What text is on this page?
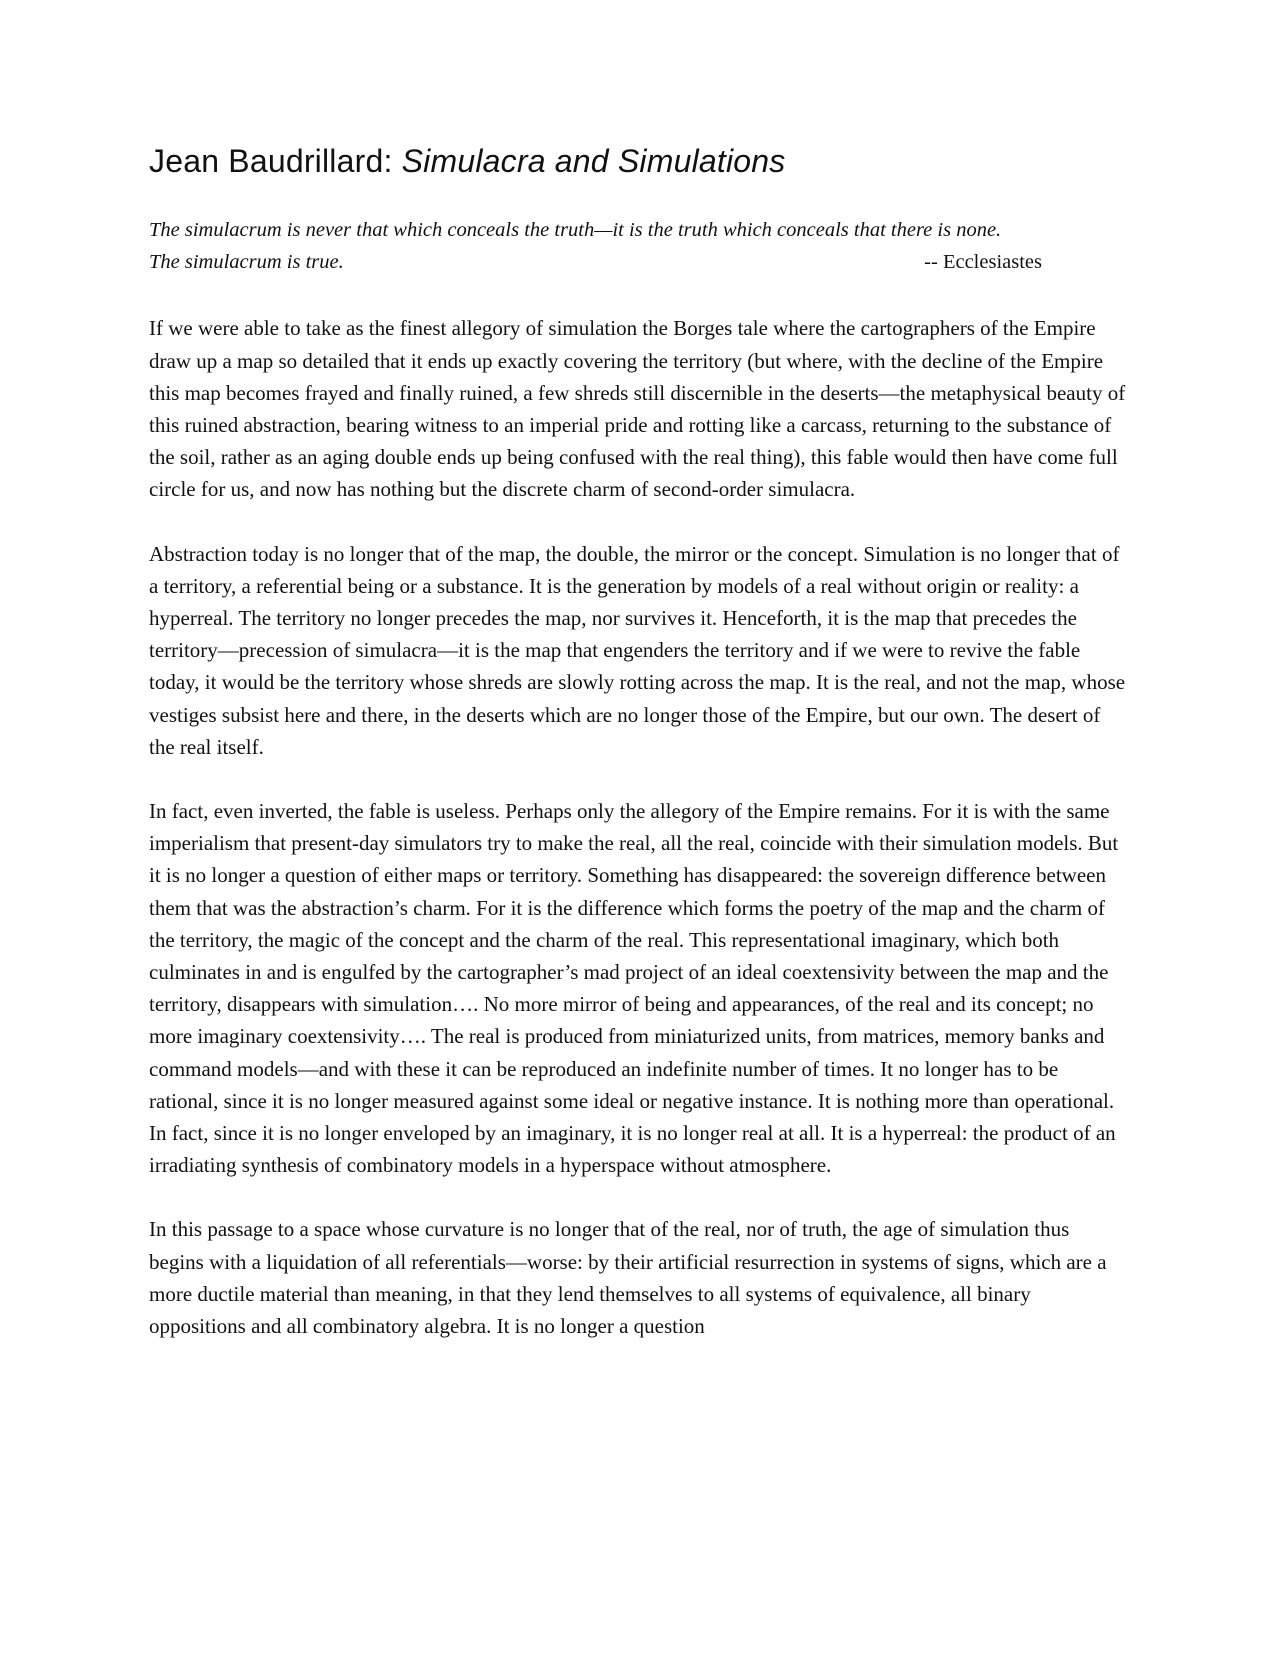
Jean Baudrillard: Simulacra and Simulations
The simulacrum is never that which conceals the truth—it is the truth which conceals that there is none.
The simulacrum is true.	-- Ecclesiastes

If we were able to take as the finest allegory of simulation the Borges tale where the cartographers of the Empire draw up a map so detailed that it ends up exactly covering the territory (but where, with the decline of the Empire this map becomes frayed and finally ruined, a few shreds still discernible in the deserts—the metaphysical beauty of this ruined abstraction, bearing witness to an imperial pride and rotting like a carcass, returning to the substance of the soil, rather as an aging double ends up being confused with the real thing), this fable would then have come full circle for us, and now has nothing but the discrete charm of second-order simulacra.

Abstraction today is no longer that of the map, the double, the mirror or the concept. Simulation is no longer that of a territory, a referential being or a substance. It is the generation by models of a real without origin or reality: a hyperreal. The territory no longer precedes the map, nor survives it. Henceforth, it is the map that precedes the territory—precession of simulacra—it is the map that engenders the territory and if we were to revive the fable today, it would be the territory whose shreds are slowly rotting across the map. It is the real, and not the map, whose vestiges subsist here and there, in the deserts which are no longer those of the Empire, but our own. The desert of the real itself.

In fact, even inverted, the fable is useless. Perhaps only the allegory of the Empire remains. For it is with the same imperialism that present-day simulators try to make the real, all the real, coincide with their simulation models. But it is no longer a question of either maps or territory. Something has disappeared: the sovereign difference between them that was the abstraction’s charm. For it is the difference which forms the poetry of the map and the charm of the territory, the magic of the concept and the charm of the real. This representational imaginary, which both culminates in and is engulfed by the cartographer’s mad project of an ideal coextensivity between the map and the territory, disappears with simulation…. No more mirror of being and appearances, of the real and its concept; no more imaginary coextensivity…. The real is produced from miniaturized units, from matrices, memory banks and command models—and with these it can be reproduced an indefinite number of times. It no longer has to be rational, since it is no longer measured against some ideal or negative instance. It is nothing more than operational. In fact, since it is no longer enveloped by an imaginary, it is no longer real at all. It is a hyperreal: the product of an irradiating synthesis of combinatory models in a hyperspace without atmosphere.

In this passage to a space whose curvature is no longer that of the real, nor of truth, the age of simulation thus begins with a liquidation of all referentials—worse: by their artificial resurrection in systems of signs, which are a more ductile material than meaning, in that they lend themselves to all systems of equivalence, all binary oppositions and all combinatory algebra. It is no longer a question
